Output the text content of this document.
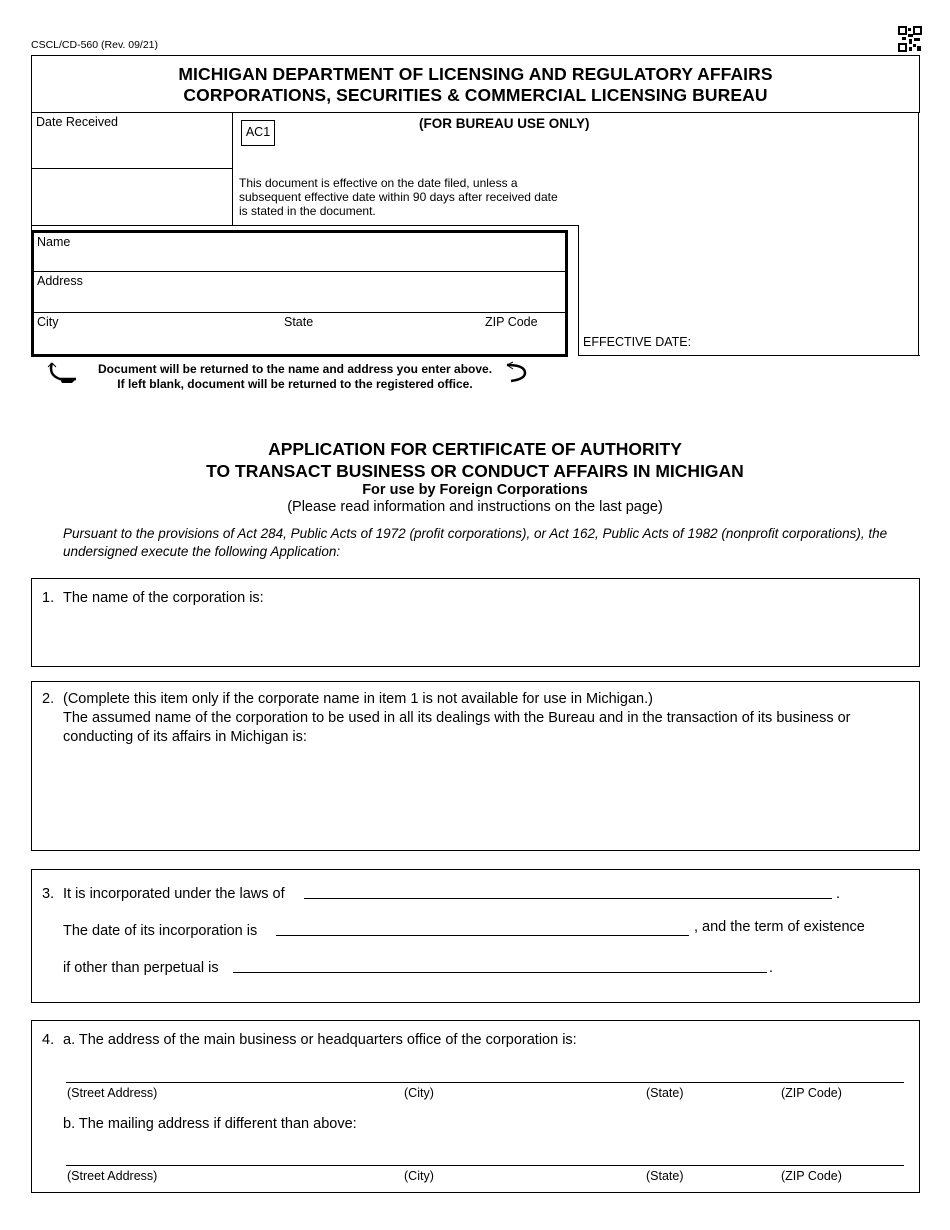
CSCL/CD-560 (Rev. 09/21)
MICHIGAN DEPARTMENT OF LICENSING AND REGULATORY AFFAIRS
CORPORATIONS, SECURITIES & COMMERCIAL LICENSING BUREAU
Date Received	(FOR BUREAU USE ONLY)
AC1
This document is effective on the date filed, unless a subsequent effective date within 90 days after received date is stated in the document.
EFFECTIVE DATE:
Name
Address
City	State	ZIP Code
Document will be returned to the name and address you enter above.
If left blank, document will be returned to the registered office.
APPLICATION FOR CERTIFICATE OF AUTHORITY
TO TRANSACT BUSINESS OR CONDUCT AFFAIRS IN MICHIGAN
For use by Foreign Corporations
(Please read information and instructions on the last page)
Pursuant to the provisions of Act 284, Public Acts of 1972 (profit corporations), or Act 162, Public Acts of 1982 (nonprofit corporations), the undersigned execute the following Application:
1. The name of the corporation is:
2. (Complete this item only if the corporate name in item 1 is not available for use in Michigan.)
The assumed name of the corporation to be used in all its dealings with the Bureau and in the transaction of its business or conducting of its affairs in Michigan is:
3. It is incorporated under the laws of	.
The date of its incorporation is	, and the term of existence
if other than perpetual is	.
4. a. The address of the main business or headquarters office of the corporation is:
(Street Address)	(City)	(State)	(ZIP Code)
b. The mailing address if different than above:
(Street Address)	(City)	(State)	(ZIP Code)
